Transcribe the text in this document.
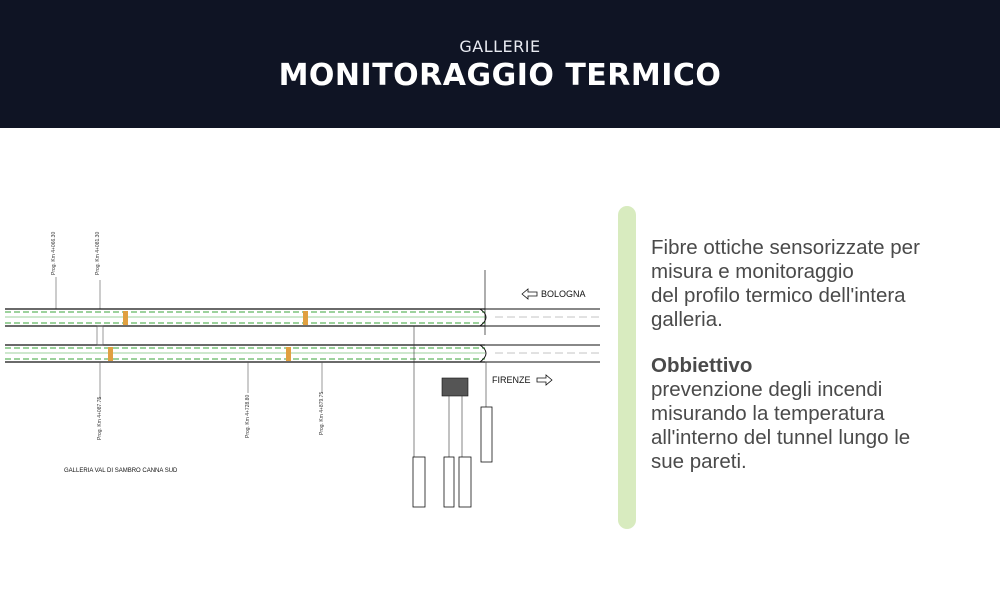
GALLERIE
MONITORAGGIO TERMICO
Prog. Km 4+066.30	Prog. Km 4+081.30
BOLOGNA
FIRENZE
Prog. Km 4+087.75	Prog. Km 4+728.80	Prog. Km 4+879.75
GALLERIA VAL DI SAMBRO CANNA SUD
Fibre ottiche sensorizzate per
misura e monitoraggio
del profilo termico dell'intera
galleria.
Obbiettivo
prevenzione degli incendi
misurando la temperatura
all'interno del tunnel lungo le
sue pareti.
